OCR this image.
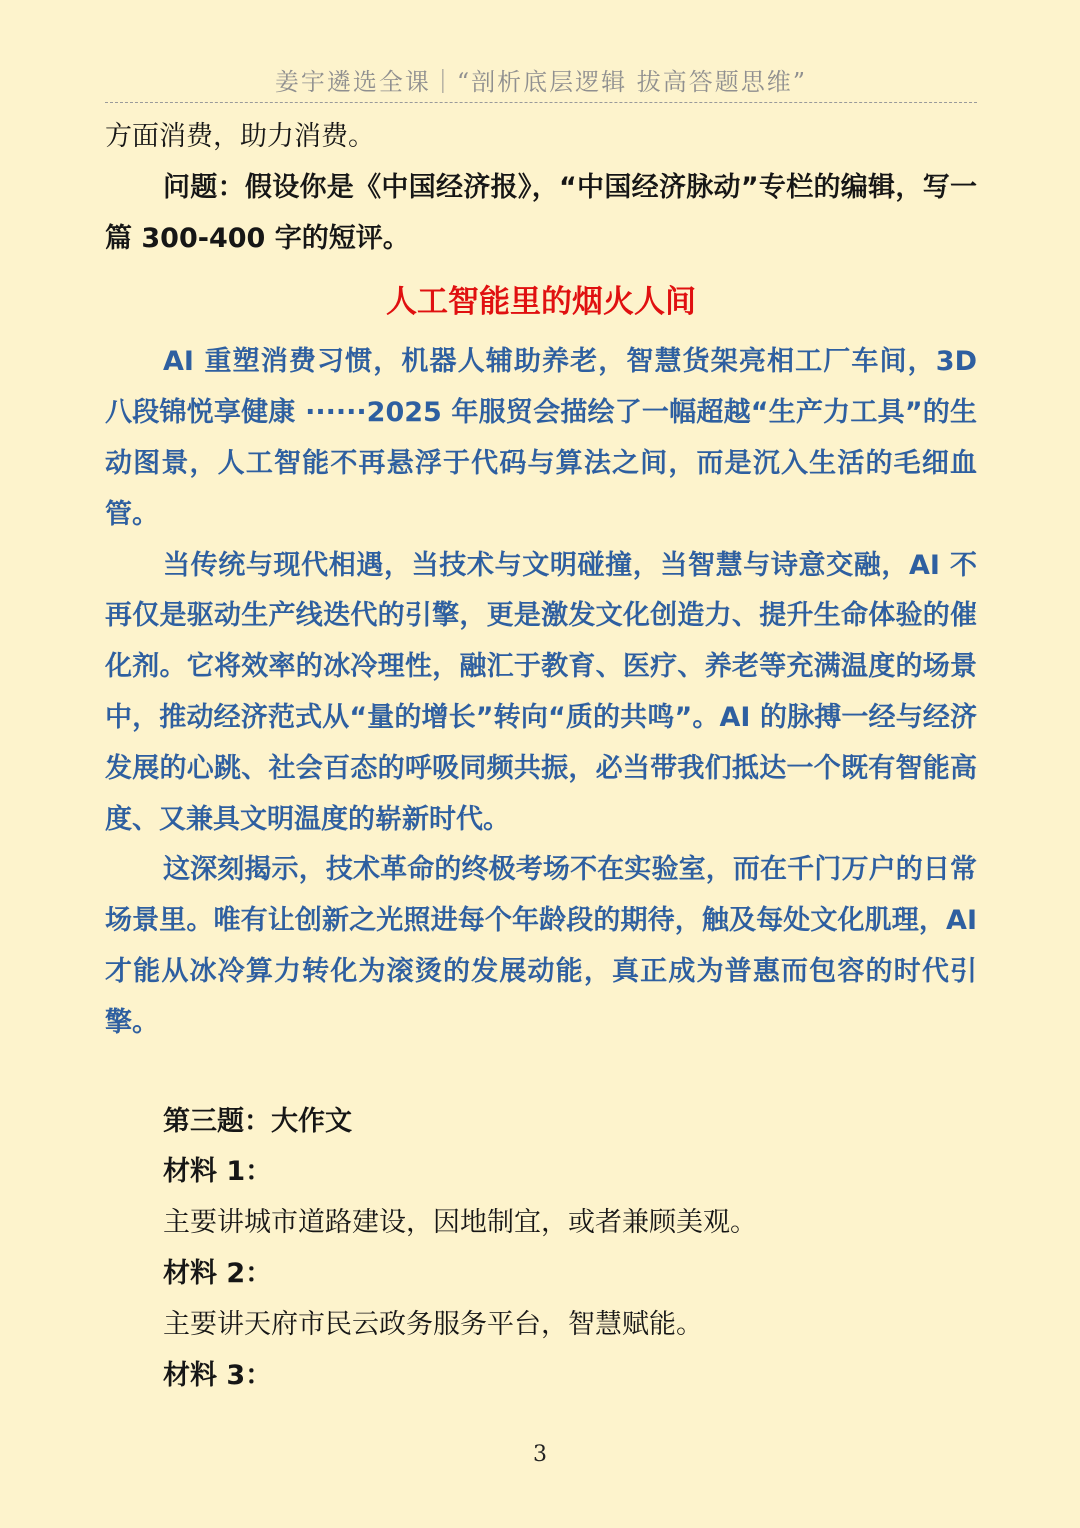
姜宇遴选全课｜“剖析底层逻辑 拔高答题思维”

方面消费，助力消费。

问题：假设你是《中国经济报》，“中国经济脉动”专栏的编辑，写一篇 300-400 字的短评。

人工智能里的烟火人间

AI 重塑消费习惯，机器人辅助养老，智慧货架亮相工厂车间，3D 八段锦悦享健康 ······2025 年服贸会描绘了一幅超越“生产力工具”的生动图景，人工智能不再悬浮于代码与算法之间，而是沉入生活的毛细血管。

当传统与现代相遇，当技术与文明碰撞，当智慧与诗意交融，AI 不再仅是驱动生产线迭代的引擎，更是激发文化创造力、提升生命体验的催化剂。它将效率的冰冷理性，融汇于教育、医疗、养老等充满温度的场景中，推动经济范式从“量的增长”转向“质的共鸣”。AI 的脉搏一经与经济发展的心跳、社会百态的呼吸同频共振，必当带我们抵达一个既有智能高度、又兼具文明温度的崭新时代。

这深刻揭示，技术革命的终极考场不在实验室，而在千门万户的日常场景里。唯有让创新之光照进每个年龄段的期待，触及每处文化肌理，AI 才能从冰冷算力转化为滚烫的发展动能，真正成为普惠而包容的时代引擎。

第三题：大作文

材料 1：

主要讲城市道路建设，因地制宜，或者兼顾美观。

材料 2：

主要讲天府市民云政务服务平台，智慧赋能。

材料 3：

3
